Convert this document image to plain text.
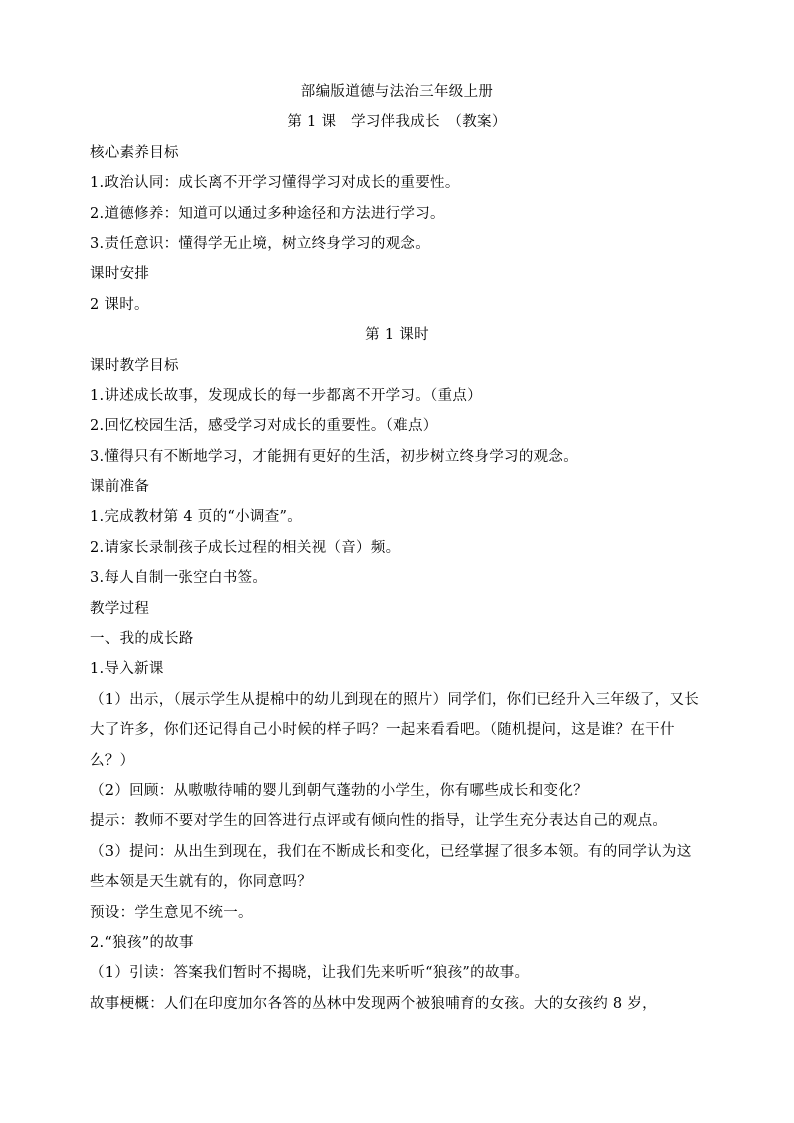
部编版道德与法治三年级上册
第 1 课　学习伴我成长　（教案）
核心素养目标
1.政治认同：成长离不开学习懂得学习对成长的重要性。
2.道德修养：知道可以通过多种途径和方法进行学习。
3.责任意识：懂得学无止境，树立终身学习的观念。
课时安排
2 课时。
第 1 课时
课时教学目标
1.讲述成长故事，发现成长的每一步都离不开学习。（重点）
2.回忆校园生活，感受学习对成长的重要性。（难点）
3.懂得只有不断地学习，才能拥有更好的生活，初步树立终身学习的观念。
课前准备
1.完成教材第 4 页的“小调查”。
2.请家长录制孩子成长过程的相关视（音）频。
3.每人自制一张空白书签。
教学过程
一、我的成长路
1.导入新课
（1）出示，（展示学生从提棉中的幼儿到现在的照片）同学们，你们已经升入三年级了，又长大了许多，你们还记得自己小时候的样子吗？一起来看看吧。（随机提问，这是谁？在干什么？）
（2）回顾：从嗷嗷待哺的婴儿到朝气蓬勃的小学生，你有哪些成长和变化？
提示：教师不要对学生的回答进行点评或有倾向性的指导，让学生充分表达自己的观点。
（3）提问：从出生到现在，我们在不断成长和变化，已经掌握了很多本领。有的同学认为这些本领是天生就有的，你同意吗？
预设：学生意见不统一。
2.“狼孩”的故事
（1）引读：答案我们暂时不揭晓，让我们先来听听“狼孩”的故事。
故事梗概：人们在印度加尔各答的丛林中发现两个被狼哺育的女孩。大的女孩约 8 岁，
